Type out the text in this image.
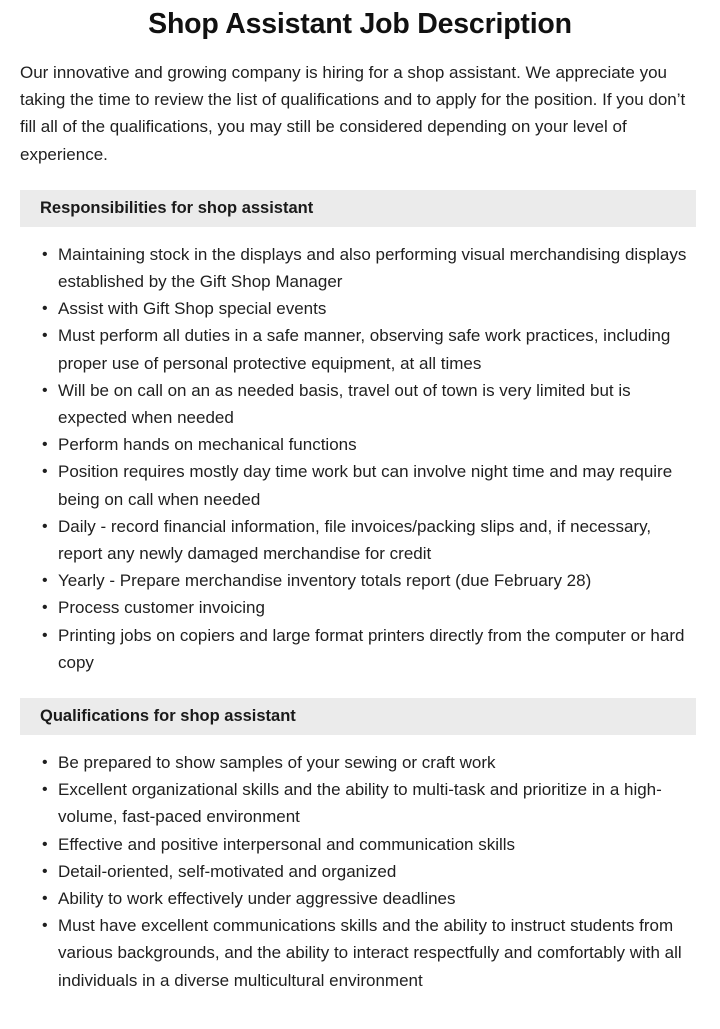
Shop Assistant Job Description

Our innovative and growing company is hiring for a shop assistant. We appreciate you taking the time to review the list of qualifications and to apply for the position. If you don’t fill all of the qualifications, you may still be considered depending on your level of experience.

Responsibilities for shop assistant
• Maintaining stock in the displays and also performing visual merchandising displays established by the Gift Shop Manager
• Assist with Gift Shop special events
• Must perform all duties in a safe manner, observing safe work practices, including proper use of personal protective equipment, at all times
• Will be on call on an as needed basis, travel out of town is very limited but is expected when needed
• Perform hands on mechanical functions
• Position requires mostly day time work but can involve night time and may require being on call when needed
• Daily - record financial information, file invoices/packing slips and, if necessary, report any newly damaged merchandise for credit
• Yearly - Prepare merchandise inventory totals report (due February 28)
• Process customer invoicing
• Printing jobs on copiers and large format printers directly from the computer or hard copy
Qualifications for shop assistant
• Be prepared to show samples of your sewing or craft work
• Excellent organizational skills and the ability to multi-task and prioritize in a high-volume, fast-paced environment
• Effective and positive interpersonal and communication skills
• Detail-oriented, self-motivated and organized
• Ability to work effectively under aggressive deadlines
• Must have excellent communications skills and the ability to instruct students from various backgrounds, and the ability to interact respectfully and comfortably with all individuals in a diverse multicultural environment
